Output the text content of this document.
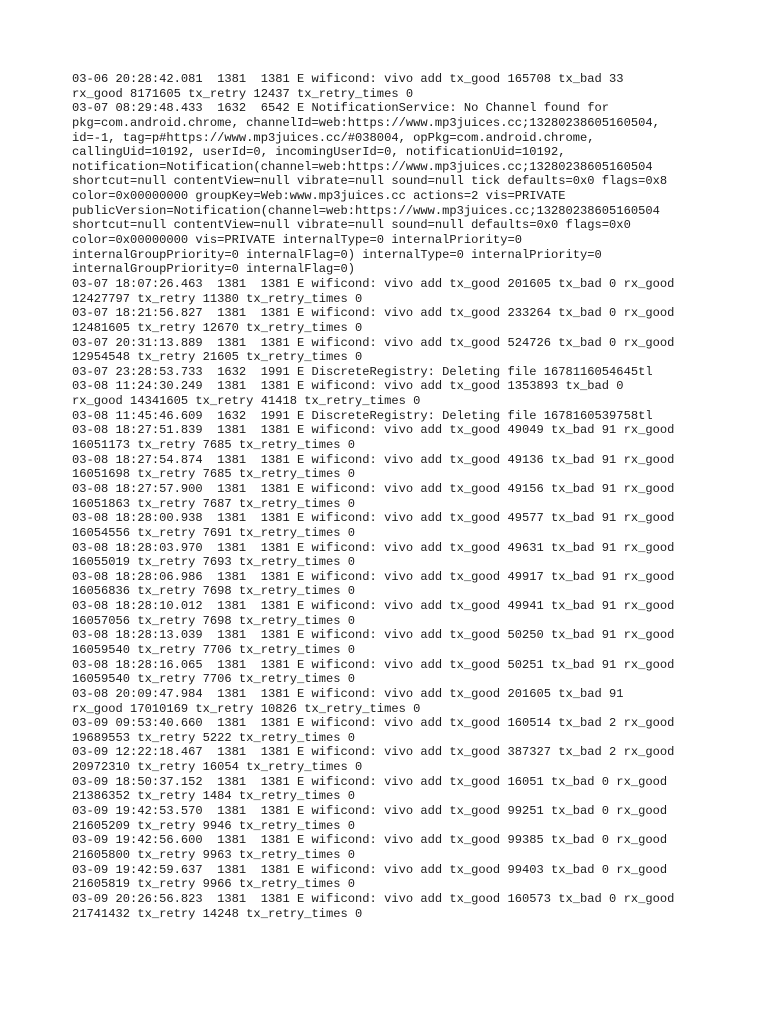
03-06 20:28:42.081  1381  1381 E wificond: vivo add tx_good 165708 tx_bad 33
rx_good 8171605 tx_retry 12437 tx_retry_times 0
03-07 08:29:48.433  1632  6542 E NotificationService: No Channel found for
pkg=com.android.chrome, channelId=web:https://www.mp3juices.cc;13280238605160504,
id=-1, tag=p#https://www.mp3juices.cc/#038004, opPkg=com.android.chrome,
callingUid=10192, userId=0, incomingUserId=0, notificationUid=10192,
notification=Notification(channel=web:https://www.mp3juices.cc;13280238605160504
shortcut=null contentView=null vibrate=null sound=null tick defaults=0x0 flags=0x8
color=0x00000000 groupKey=Web:www.mp3juices.cc actions=2 vis=PRIVATE
publicVersion=Notification(channel=web:https://www.mp3juices.cc;13280238605160504
shortcut=null contentView=null vibrate=null sound=null defaults=0x0 flags=0x0
color=0x00000000 vis=PRIVATE internalType=0 internalPriority=0
internalGroupPriority=0 internalFlag=0) internalType=0 internalPriority=0
internalGroupPriority=0 internalFlag=0)
03-07 18:07:26.463  1381  1381 E wificond: vivo add tx_good 201605 tx_bad 0 rx_good
12427797 tx_retry 11380 tx_retry_times 0
03-07 18:21:56.827  1381  1381 E wificond: vivo add tx_good 233264 tx_bad 0 rx_good
12481605 tx_retry 12670 tx_retry_times 0
03-07 20:31:13.889  1381  1381 E wificond: vivo add tx_good 524726 tx_bad 0 rx_good
12954548 tx_retry 21605 tx_retry_times 0
03-07 23:28:53.733  1632  1991 E DiscreteRegistry: Deleting file 1678116054645tl
03-08 11:24:30.249  1381  1381 E wificond: vivo add tx_good 1353893 tx_bad 0
rx_good 14341605 tx_retry 41418 tx_retry_times 0
03-08 11:45:46.609  1632  1991 E DiscreteRegistry: Deleting file 1678160539758tl
03-08 18:27:51.839  1381  1381 E wificond: vivo add tx_good 49049 tx_bad 91 rx_good
16051173 tx_retry 7685 tx_retry_times 0
03-08 18:27:54.874  1381  1381 E wificond: vivo add tx_good 49136 tx_bad 91 rx_good
16051698 tx_retry 7685 tx_retry_times 0
03-08 18:27:57.900  1381  1381 E wificond: vivo add tx_good 49156 tx_bad 91 rx_good
16051863 tx_retry 7687 tx_retry_times 0
03-08 18:28:00.938  1381  1381 E wificond: vivo add tx_good 49577 tx_bad 91 rx_good
16054556 tx_retry 7691 tx_retry_times 0
03-08 18:28:03.970  1381  1381 E wificond: vivo add tx_good 49631 tx_bad 91 rx_good
16055019 tx_retry 7693 tx_retry_times 0
03-08 18:28:06.986  1381  1381 E wificond: vivo add tx_good 49917 tx_bad 91 rx_good
16056836 tx_retry 7698 tx_retry_times 0
03-08 18:28:10.012  1381  1381 E wificond: vivo add tx_good 49941 tx_bad 91 rx_good
16057056 tx_retry 7698 tx_retry_times 0
03-08 18:28:13.039  1381  1381 E wificond: vivo add tx_good 50250 tx_bad 91 rx_good
16059540 tx_retry 7706 tx_retry_times 0
03-08 18:28:16.065  1381  1381 E wificond: vivo add tx_good 50251 tx_bad 91 rx_good
16059540 tx_retry 7706 tx_retry_times 0
03-08 20:09:47.984  1381  1381 E wificond: vivo add tx_good 201605 tx_bad 91
rx_good 17010169 tx_retry 10826 tx_retry_times 0
03-09 09:53:40.660  1381  1381 E wificond: vivo add tx_good 160514 tx_bad 2 rx_good
19689553 tx_retry 5222 tx_retry_times 0
03-09 12:22:18.467  1381  1381 E wificond: vivo add tx_good 387327 tx_bad 2 rx_good
20972310 tx_retry 16054 tx_retry_times 0
03-09 18:50:37.152  1381  1381 E wificond: vivo add tx_good 16051 tx_bad 0 rx_good
21386352 tx_retry 1484 tx_retry_times 0
03-09 19:42:53.570  1381  1381 E wificond: vivo add tx_good 99251 tx_bad 0 rx_good
21605209 tx_retry 9946 tx_retry_times 0
03-09 19:42:56.600  1381  1381 E wificond: vivo add tx_good 99385 tx_bad 0 rx_good
21605800 tx_retry 9963 tx_retry_times 0
03-09 19:42:59.637  1381  1381 E wificond: vivo add tx_good 99403 tx_bad 0 rx_good
21605819 tx_retry 9966 tx_retry_times 0
03-09 20:26:56.823  1381  1381 E wificond: vivo add tx_good 160573 tx_bad 0 rx_good
21741432 tx_retry 14248 tx_retry_times 0
